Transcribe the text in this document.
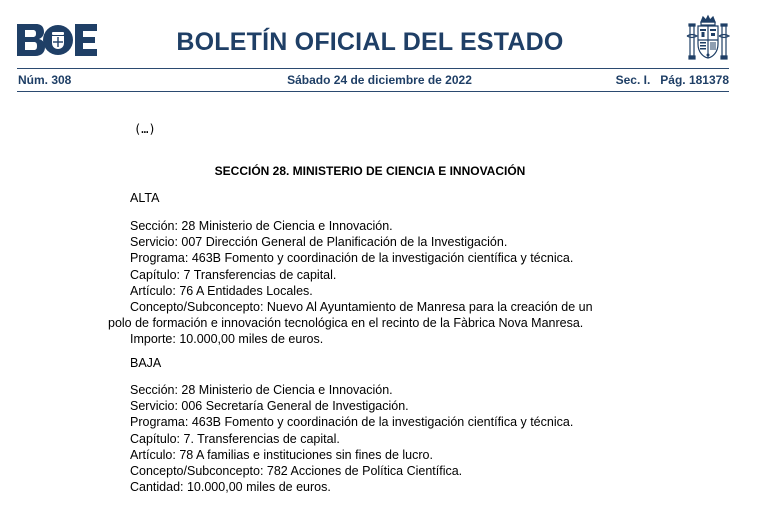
BOLETÍN OFICIAL DEL ESTADO
Núm. 308	Sábado 24 de diciembre de 2022	Sec. I. Pág. 181378
(…)
SECCIÓN 28. MINISTERIO DE CIENCIA E INNOVACIÓN
ALTA
Sección: 28 Ministerio de Ciencia e Innovación.
Servicio: 007 Dirección General de Planificación de la Investigación.
Programa: 463B Fomento y coordinación de la investigación científica y técnica.
Capítulo: 7 Transferencias de capital.
Artículo: 76 A Entidades Locales.
Concepto/Subconcepto: Nuevo Al Ayuntamiento de Manresa para la creación de un
polo de formación e innovación tecnológica en el recinto de la Fàbrica Nova Manresa.
Importe: 10.000,00 miles de euros.
BAJA
Sección: 28 Ministerio de Ciencia e Innovación.
Servicio: 006 Secretaría General de Investigación.
Programa: 463B Fomento y coordinación de la investigación científica y técnica.
Capítulo: 7. Transferencias de capital.
Artículo: 78 A familias e instituciones sin fines de lucro.
Concepto/Subconcepto: 782 Acciones de Política Científica.
Cantidad: 10.000,00 miles de euros.
